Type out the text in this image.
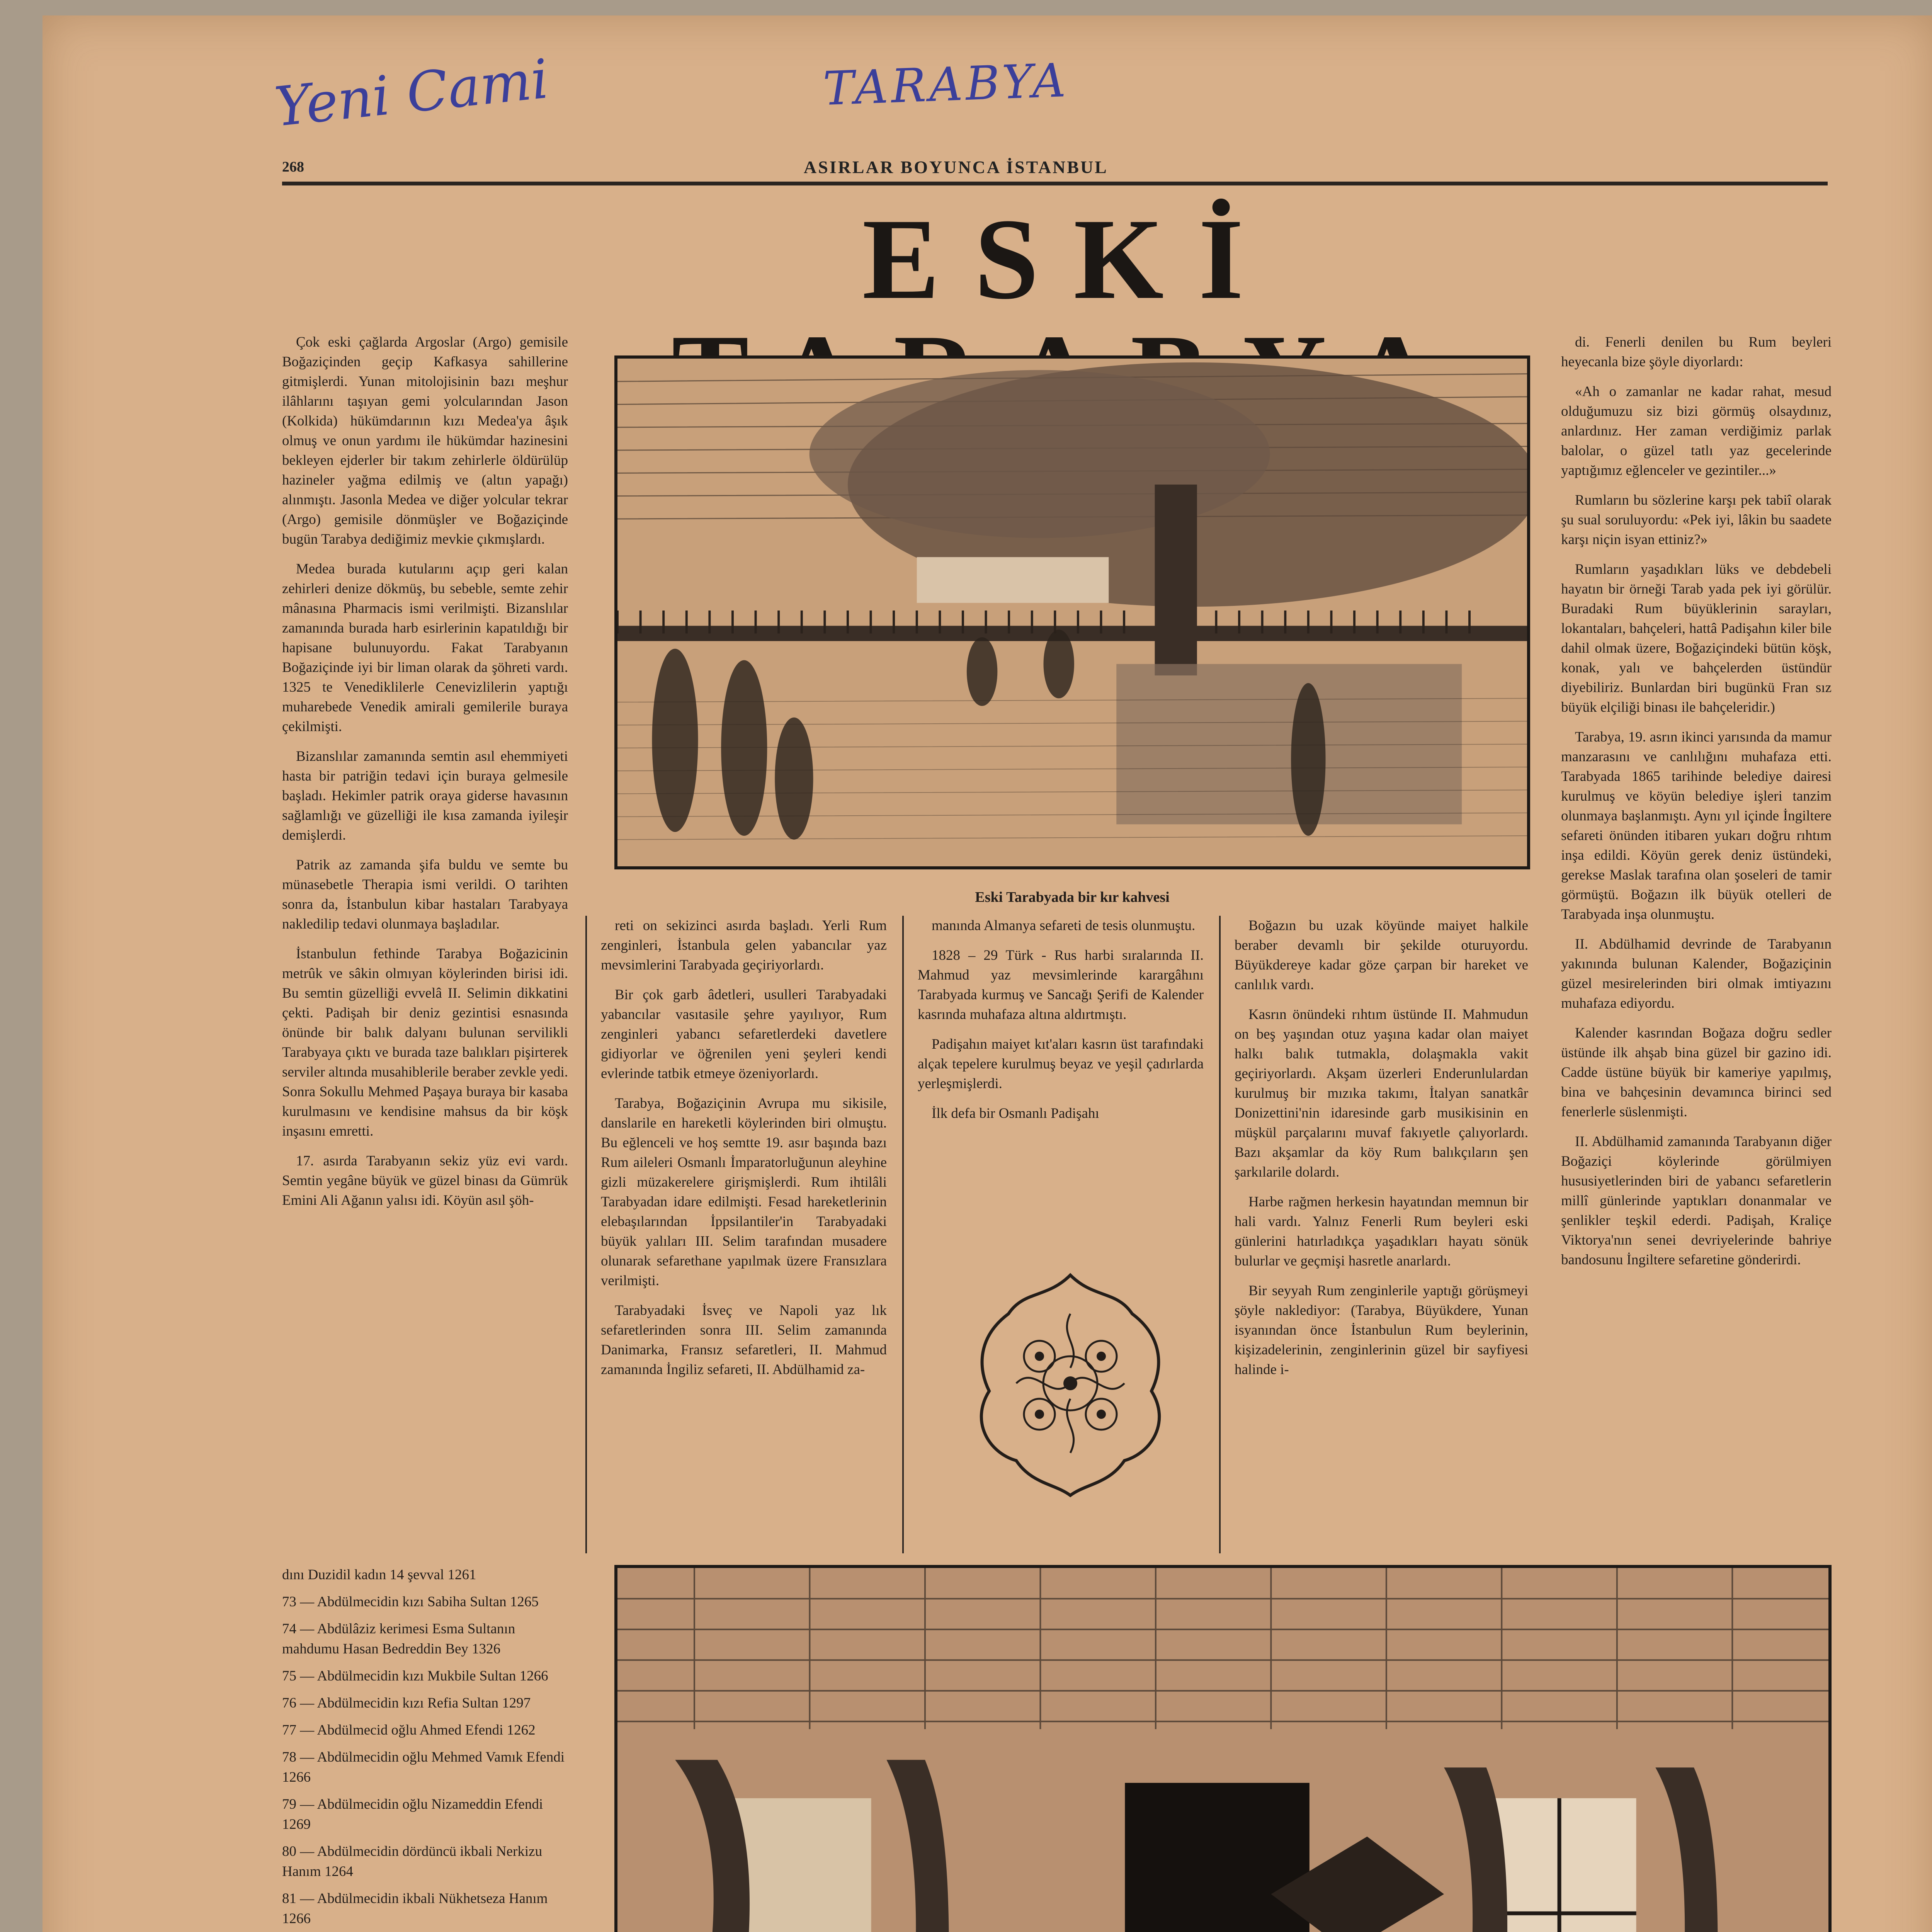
Yeni Cami	TARABYA
268	ASIRLAR BOYUNCA İSTANBUL
ESKİ

Çok eski çağlarda Argoslar (Argo) gemisile Boğaziçinden geçip Kafkasya sahillerine gitmişlerdi. Yunan mitolojisinin bazı meşhur ilâhlarını taşıyan gemi yolcularından Jason (Kolkida) hükümdarının kızı Medea'ya âşık olmuş ve onun yardımı ile hükümdar hazinesini bekleyen ejderler bir takım zehirlerle öldürülüp hazineler yağma edilmiş ve (altın yapağı) alınmıştı. Jasonla Medea ve diğer yolcular tekrar (Argo) gemisile dönmüşler ve Boğaziçinde bugün Tarabya dediğimiz mevkie çıkmışlardı.

Medea burada kutularını açıp geri kalan zehirleri denize dökmüş, bu sebeble, semte zehir mânasına Pharmacis ismi verilmişti. Bizanslılar zamanında burada harb esirlerinin kapatıldığı bir hapisane bulunuyordu. Fakat Tarabyanın Boğaziçinde iyi bir liman olarak da şöhreti vardı. 1325 te Venediklilerle Cenevizlilerin yaptığı muharebede Venedik amirali gemilerile buraya çekilmişti.

Bizanslılar zamanında semtin asıl ehemmiyeti hasta bir patriğin tedavi için buraya gelmesile başladı. Hekimler patrik oraya giderse havasının sağlamlığı ve güzelliği ile kısa zamanda iyileşir demişlerdi.

Patrik az zamanda şifa buldu ve semte bu münasebetle Therapia ismi verildi. O tarihten sonra da, İstanbulun kibar hastaları Tarabyaya nakledilip tedavi olunmaya başladılar.

İstanbulun fethinde Tarabya Boğazicinin metrûk ve sâkin olmıyan köylerinden birisi idi. Bu semtin güzelliği evvelâ II. Selimin dikkatini çekti. Padişah bir deniz gezintisi esnasında önünde bir balık dalyanı bulunan servilikli Tarabyaya çıktı ve burada taze balıkları pişirterek serviler altında musahiblerile beraber zevkle yedi. Sonra Sokullu Mehmed Paşaya buraya bir kasaba kurulmasını ve kendisine mahsus da bir köşk inşasını emretti.

17. asırda Tarabyanın sekiz yüz evi vardı. Semtin yegâne büyük ve güzel binası da Gümrük Emini Ali Ağanın yalısı idi. Köyün asıl şöh-

Eski Tarabyada bir kır kahvesi

di. Fenerli denilen bu Rum beyleri heyecanla bize şöyle diyorlardı:

«Ah o zamanlar ne kadar rahat, mesud olduğumuzu siz bizi görmüş olsaydınız, anlardınız. Her zaman verdiğimiz parlak balolar, o güzel tatlı yaz gecelerinde yaptığımız eğlenceler ve gezintiler...»

Rumların bu sözlerine karşı pek tabiî olarak şu sual soruluyordu: «Pek iyi, lâkin bu saadete karşı niçin isyan ettiniz?»

Rumların yaşadıkları lüks ve debdebeli hayatın bir örneği Tarab yada pek iyi görülür. Buradaki Rum büyüklerinin sarayları, lokantaları, bahçeleri, hattâ Padişahın kiler bile dahil olmak üzere, Boğaziçindeki bütün köşk, konak, yalı ve bahçelerden üstündür diyebiliriz. Bunlardan biri bugünkü Fran sız büyük elçiliği binası ile bahçeleridir.)

Tarabya, 19. asrın ikinci yarısında da mamur manzarasını ve canlılığını muhafaza etti. Tarabyada 1865 tarihinde belediye dairesi kurulmuş ve köyün belediye işleri tanzim olunmaya başlanmıştı. Aynı yıl içinde İngiltere sefareti önünden itibaren yukarı doğru rıhtım inşa edildi. Köyün gerek deniz üstündeki, gerekse Maslak tarafına olan şoseleri de tamir görmüştü. Boğazın ilk büyük otelleri de Tarabyada inşa olunmuştu.

II. Abdülhamid devrinde de Tarabyanın yakınında bulunan Kalender, Boğaziçinin güzel mesirelerinden biri olmak imtiyazını muhafaza ediyordu.

Kalender kasrından Boğaza doğru sedler üstünde ilk ahşab bina güzel bir gazino idi. Cadde üstüne büyük bir kameriye yapılmış, bina ve bahçesinin devamınca birinci sed fenerlerle süslenmişti.

II. Abdülhamid zamanında Tarabyanın diğer Boğaziçi köylerinde görülmiyen hususiyetlerinden biri de yabancı sefaretlerin millî günlerinde yaptıkları donanmalar ve şenlikler teşkil ederdi. Padişah, Kraliçe Viktorya'nın senei devriyelerinde bahriye bandosunu İngiltere sefaretine gönderirdi.

reti on sekizinci asırda başladı. Yerli Rum zenginleri, İstanbula gelen yabancılar yaz mevsimlerini Tarabyada geçiriyorlardı.

Bir çok garb âdetleri, usulleri Tarabyadaki yabancılar vasıtasile şehre yayılıyor, Rum zenginleri yabancı sefaretlerdeki davetlere gidiyorlar ve öğrenilen yeni şeyleri kendi evlerinde tatbik etmeye özeniyorlardı.

Tarabya, Boğaziçinin Avrupa mu sikisile, danslarile en hareketli köylerinden biri olmuştu. Bu eğlenceli ve hoş semtte 19. asır başında bazı Rum aileleri Osmanlı İmparatorluğunun aleyhine gizli müzakerelere girişmişlerdi. Rum ihtilâli Tarabyadan idare edilmişti. Fesad hareketlerinin elebaşılarından İppsilantiler'in Tarabyadaki büyük yalıları III. Selim tarafından musadere olunarak sefarethane yapılmak üzere Fransızlara verilmişti.

Tarabyadaki İsveç ve Napoli yaz lık sefaretlerinden sonra III. Selim zamanında Danimarka, Fransız sefaretleri, II. Mahmud zamanında İngiliz sefareti, II. Abdülhamid za-

manında Almanya sefareti de tesis olunmuştu.

1828 – 29 Türk - Rus harbi sıralarında II. Mahmud yaz mevsimlerinde karargâhını Tarabyada kurmuş ve Sancağı Şerifi de Kalender kasrında muhafaza altına aldırtmıştı.

Padişahın maiyet kıt'aları kasrın üst tarafındaki alçak tepelere kurulmuş beyaz ve yeşil çadırlarda yerleşmişlerdi.

İlk defa bir Osmanlı Padişahı

Boğazın bu uzak köyünde maiyet halkile beraber devamlı bir şekilde oturuyordu. Büyükdereye kadar göze çarpan bir hareket ve canlılık vardı.

Kasrın önündeki rıhtım üstünde II. Mahmudun on beş yaşından otuz yaşına kadar olan maiyet halkı balık tutmakla, dolaşmakla vakit geçiriyorlardı. Akşam üzerleri Enderunlulardan kurulmuş bir mızıka takımı, İtalyan sanatkâr Donizettini'nin idaresinde garb musikisinin en müşkül parçalarını muvaf fakıyetle çalıyorlardı. Bazı akşamlar da köy Rum balıkçıların şen şarkılarile dolardı.

Harbe rağmen herkesin hayatından memnun bir hali vardı. Yalnız Fenerli Rum beyleri eski günlerini hatırladıkça yaşadıkları hayatı sönük bulurlar ve geçmişi hasretle anarlardı.

Bir seyyah Rum zenginlerile yaptığı görüşmeyi şöyle naklediyor: (Tarabya, Büyükdere, Yunan isyanından önce İstanbulun Rum beylerinin, kişizadelerinin, zenginlerinin güzel bir sayfiyesi halinde i-

dını Duzidil kadın 14 şevval 1261
73 — Abdülmecidin kızı Sabiha Sultan 1265
74 — Abdülâziz kerimesi Esma Sultanın mahdumu Hasan Bedreddin Bey 1326
75 — Abdülmecidin kızı Mukbile Sultan 1266
76 — Abdülmecidin kızı Refia Sultan 1297
77 — Abdülmecid oğlu Ahmed Efendi 1262
78 — Abdülmecidin oğlu Mehmed Vamık Efendi 1266
79 — Abdülmecidin oğlu Nizameddin Efendi 1269
80 — Abdülmecidin dördüncü ikbali Nerkizu Hanım 1264
81 — Abdülmecidin ikbali Nükhetseza Hanım 1266
